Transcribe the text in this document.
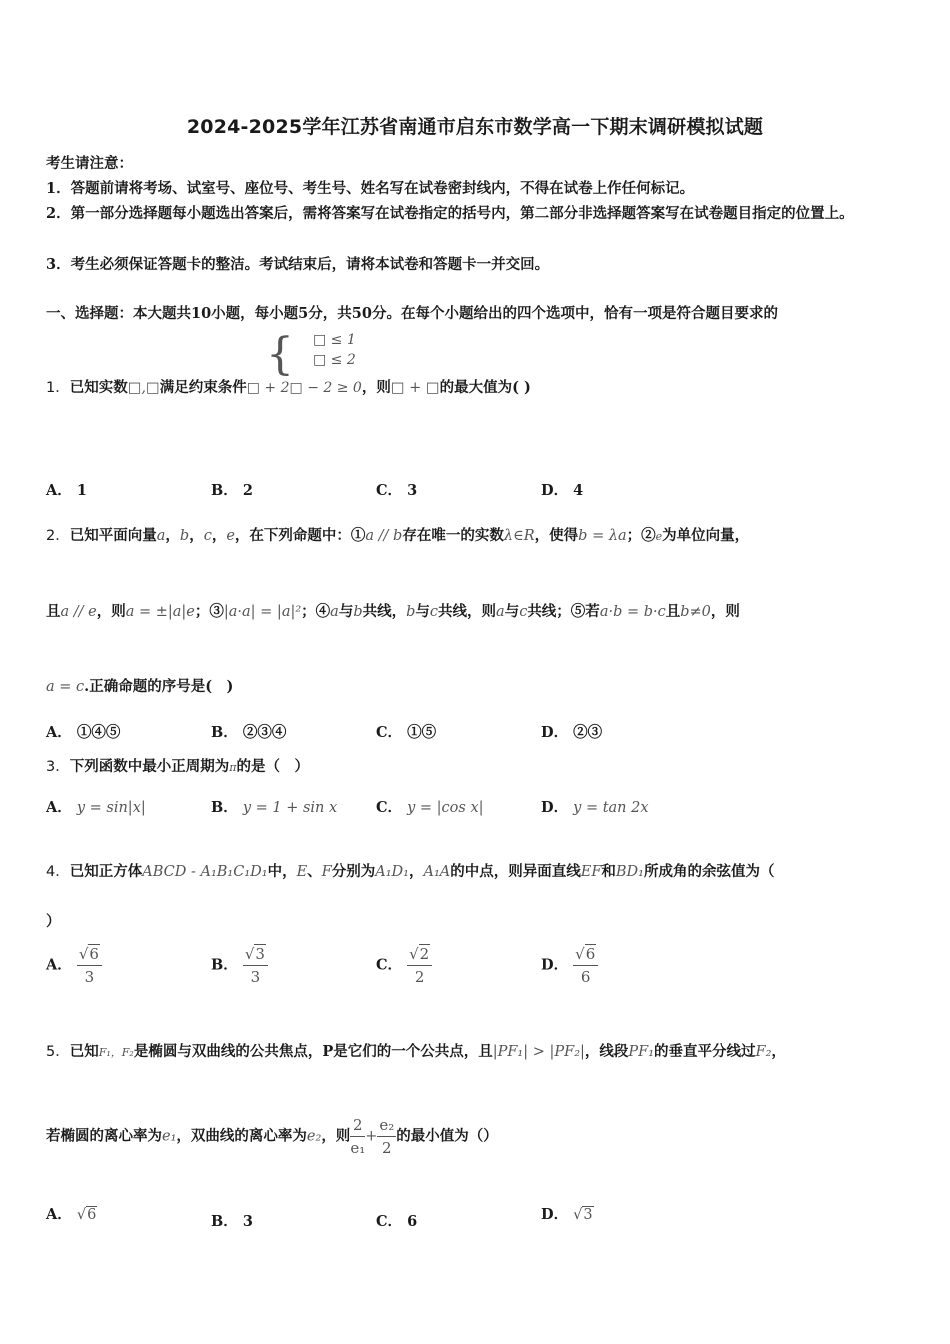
2024-2025学年江苏省南通市启东市数学高一下期末调研模拟试题
考生请注意：
1．答题前请将考场、试室号、座位号、考生号、姓名写在试卷密封线内，不得在试卷上作任何标记。
2．第一部分选择题每小题选出答案后，需将答案写在试卷指定的括号内，第二部分非选择题答案写在试卷题目指定的位置上。
3．考生必须保证答题卡的整洁。考试结束后，请将本试卷和答题卡一并交回。
一、选择题：本大题共10小题，每小题5分，共50分。在每个小题给出的四个选项中，恰有一项是符合题目要求的
{ □ ≤ 1
□ ≤ 2
1．已知实数□,□满足约束条件□ + 2□ − 2 ≥ 0，则□ + □的最大值为( )
A． 1	B． 2	C． 3	D． 4
2．已知平面向量a，b，c，e，在下列命题中：①a // b存在唯一的实数λ∈R，使得b = λa；②e为单位向量，
且a // e，则a = ±|a|e；③|a·a| = |a|²；④a与b共线，b与c共线，则a与c共线；⑤若a·b = b·c且b≠0，则
a = c.正确命题的序号是(　)
A． ①④⑤	B． ②③④	C． ①⑤	D． ②③
3．下列函数中最小正周期为π的是（　）
A． y = sin|x|	B． y = 1 + sin x	C． y = |cos x|	D． y = tan 2x
4．已知正方体ABCD - A₁B₁C₁D₁中，E、F分别为A₁D₁，A₁A的中点，则异面直线EF和BD₁所成角的余弦值为（
）
A． $\frac{√6}{3}$	B． $\frac{√3}{3}$	C． $\frac{√2}{2}$	D． $\frac{√6}{6}$
5．已知F₁，F₂是椭圆与双曲线的公共焦点，P是它们的一个公共点，且|PF₁| > |PF₂|，线段PF₁的垂直平分线过F₂，
若椭圆的离心率为e₁，双曲线的离心率为e₂，则 $\frac{2}{\text{e₁}} + \frac{\text{e₂}}{2}$ 的最小值为（）
A． √6	B． 3	C． 6	D． √3
